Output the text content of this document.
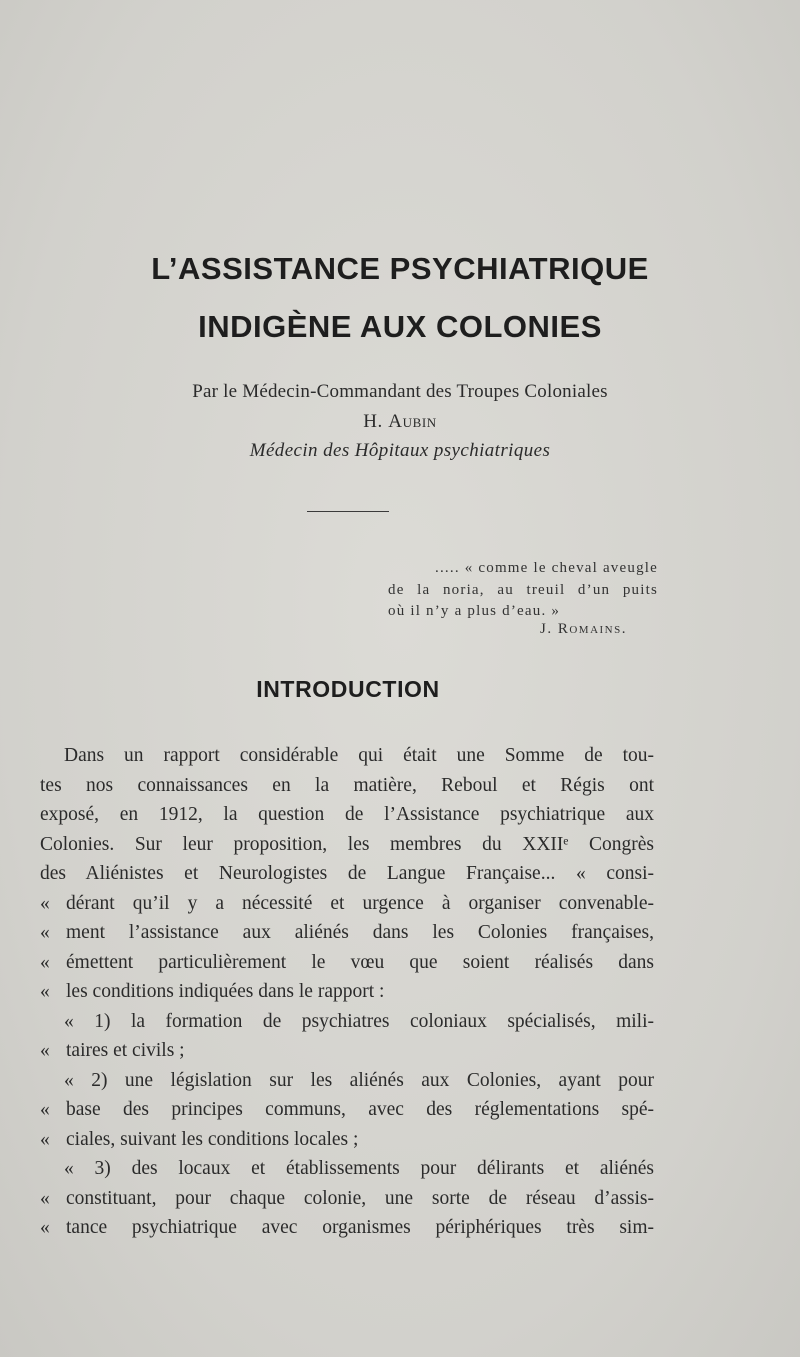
L’ASSISTANCE PSYCHIATRIQUE
INDIGÈNE AUX COLONIES
Par le Médecin-Commandant des Troupes Coloniales
H. Aubin
Médecin des Hôpitaux psychiatriques
..... « comme le cheval aveugle
de la noria, au treuil d’un puits
où il n’y a plus d’eau. »
J. Romains.
INTRODUCTION
Dans un rapport considérable qui était une Somme de tou-
tes nos connaissances en la matière, Reboul et Régis ont
exposé, en 1912, la question de l’Assistance psychiatrique aux
Colonies. Sur leur proposition, les membres du XXIIᵉ Congrès
des Aliénistes et Neurologistes de Langue Française... « consi-
« dérant qu’il y a nécessité et urgence à organiser convenable-
« ment l’assistance aux aliénés dans les Colonies françaises,
« émettent particulièrement le vœu que soient réalisés dans
« les conditions indiquées dans le rapport :
« 1) la formation de psychiatres coloniaux spécialisés, mili-
« taires et civils ;
« 2) une législation sur les aliénés aux Colonies, ayant pour
« base des principes communs, avec des réglementations spé-
« ciales, suivant les conditions locales ;
« 3) des locaux et établissements pour délirants et aliénés
« constituant, pour chaque colonie, une sorte de réseau d’assis-
« tance psychiatrique avec organismes périphériques très sim-
